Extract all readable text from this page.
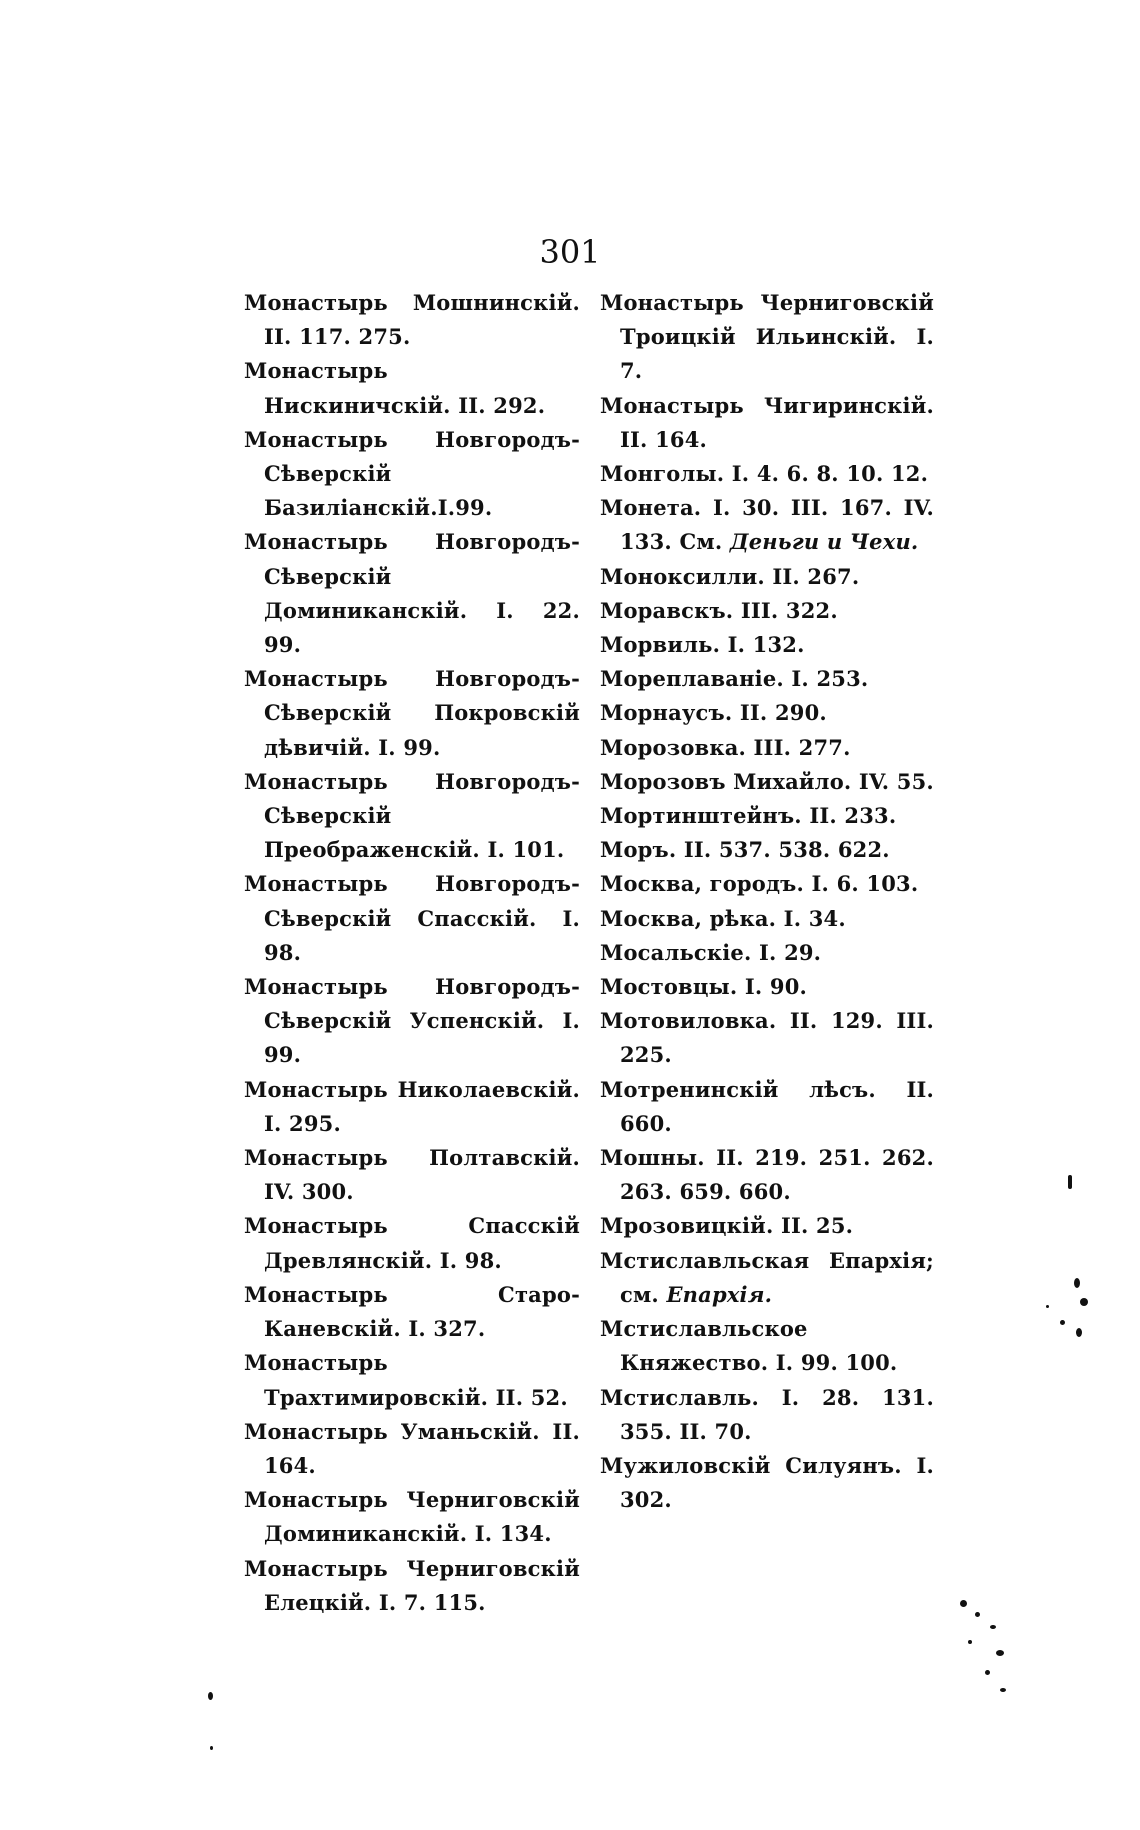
301
Монастырь Мошнинскій. II. 117. 275.
Монастырь Нискиничскій. II. 292.
Монастырь Новгородъ-Сѣверскій Базиліанскій.I.99.
Монастырь Новгородъ-Сѣверскій Доминиканскій. I. 22. 99.
Монастырь Новгородъ-Сѣверскій Покровскій дѣвичій. I. 99.
Монастырь Новгородъ-Сѣверскій Преображенскій. I. 101.
Монастырь Новгородъ-Сѣверскій Спасскій. I. 98.
Монастырь Новгородъ-Сѣверскій Успенскій. I. 99.
Монастырь Николаевскій. I. 295.
Монастырь Полтавскій. IV. 300.
Монастырь Спасскій Древлянскій. I. 98.
Монастырь Старо-Каневскій. I. 327.
Монастырь Трахтимировскій. II. 52.
Монастырь Уманьскій. II. 164.
Монастырь Черниговскій Доминиканскій. I. 134.
Монастырь Черниговскій Елецкій. I. 7. 115.
Монастырь Черниговскій Троицкій Ильинскій. I. 7.
Монастырь Чигиринскій. II. 164.
Монголы. I. 4. 6. 8. 10. 12.
Монета. I. 30. III. 167. IV. 133. См. Деньги и Чехи.
Моноксилли. II. 267.
Моравскъ. III. 322.
Морвиль. I. 132.
Мореплаваніе. I. 253.
Морнаусъ. II. 290.
Морозовка. III. 277.
Морозовъ Михайло. IV. 55.
Мортинштейнъ. II. 233.
Моръ. II. 537. 538. 622.
Москва, городъ. I. 6. 103.
Москва, рѣка. I. 34.
Мосальскіе. I. 29.
Мостовцы. I. 90.
Мотовиловка. II. 129. III. 225.
Мотренинскій лѣсъ. II. 660.
Мошны. II. 219. 251. 262. 263. 659. 660.
Мрозовицкій. II. 25.
Мстиславльская Епархія; см. Епархія.
Мстиславльское Княжество. I. 99. 100.
Мстиславль. I. 28. 131. 355. II. 70.
Мужиловскій Силуянъ. I. 302.
